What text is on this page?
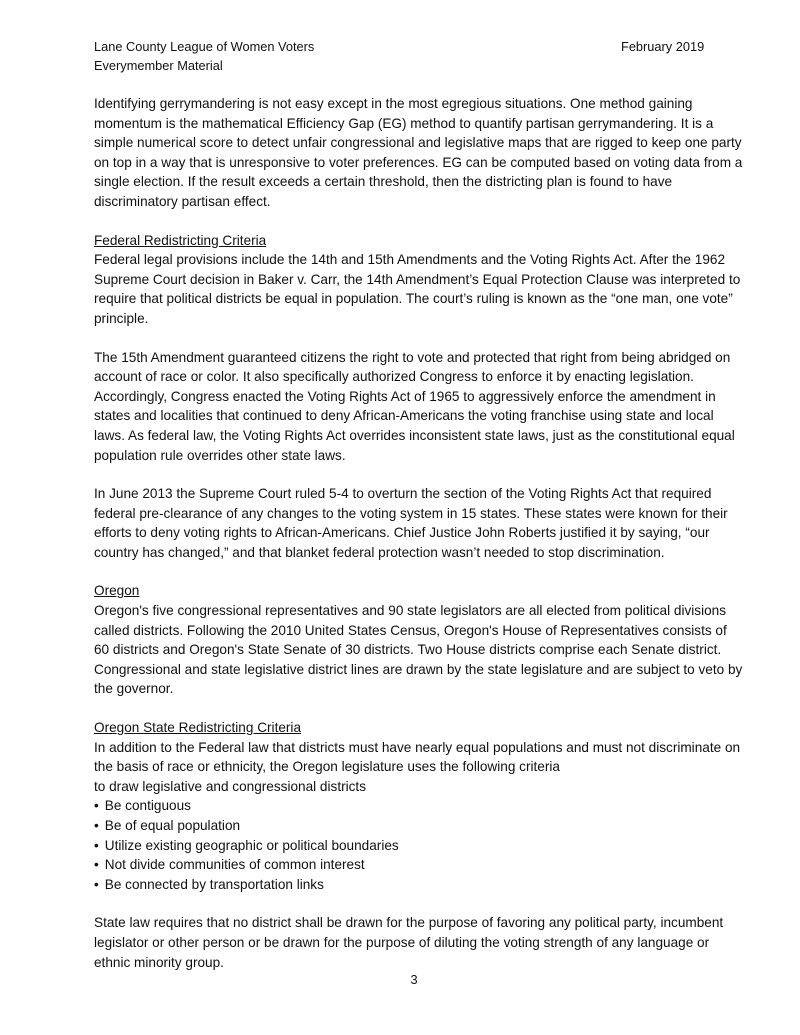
Lane County League of Women Voters
Everymember Material
February 2019

Identifying gerrymandering is not easy except in the most egregious situations. One method gaining momentum is the mathematical Efficiency Gap (EG) method to quantify partisan gerrymandering. It is a simple numerical score to detect unfair congressional and legislative maps that are rigged to keep one party on top in a way that is unresponsive to voter preferences. EG can be computed based on voting data from a single election. If the result exceeds a certain threshold, then the districting plan is found to have discriminatory partisan effect.

Federal Redistricting Criteria
Federal legal provisions include the 14th and 15th Amendments and the Voting Rights Act. After the 1962 Supreme Court decision in Baker v. Carr, the 14th Amendment’s Equal Protection Clause was interpreted to require that political districts be equal in population. The court’s ruling is known as the “one man, one vote” principle.

The 15th Amendment guaranteed citizens the right to vote and protected that right from being abridged on account of race or color. It also specifically authorized Congress to enforce it by enacting legislation. Accordingly, Congress enacted the Voting Rights Act of 1965 to aggressively enforce the amendment in states and localities that continued to deny African-Americans the voting franchise using state and local laws. As federal law, the Voting Rights Act overrides inconsistent state laws, just as the constitutional equal population rule overrides other state laws.

In June 2013 the Supreme Court ruled 5-4 to overturn the section of the Voting Rights Act that required federal pre-clearance of any changes to the voting system in 15 states. These states were known for their efforts to deny voting rights to African-Americans. Chief Justice John Roberts justified it by saying, “our country has changed,” and that blanket federal protection wasn’t needed to stop discrimination.

Oregon
Oregon's five congressional representatives and 90 state legislators are all elected from political divisions called districts. Following the 2010 United States Census, Oregon's House of Representatives consists of 60 districts and Oregon's State Senate of 30 districts. Two House districts comprise each Senate district. Congressional and state legislative district lines are drawn by the state legislature and are subject to veto by the governor.
Oregon State Redistricting Criteria
In addition to the Federal law that districts must have nearly equal populations and must not discriminate on the basis of race or ethnicity, the Oregon legislature uses the following criteria
to draw legislative and congressional districts
• Be contiguous
• Be of equal population
• Utilize existing geographic or political boundaries
• Not divide communities of common interest
• Be connected by transportation links

State law requires that no district shall be drawn for the purpose of favoring any political party, incumbent legislator or other person or be drawn for the purpose of diluting the voting strength of any language or ethnic minority group.

3
